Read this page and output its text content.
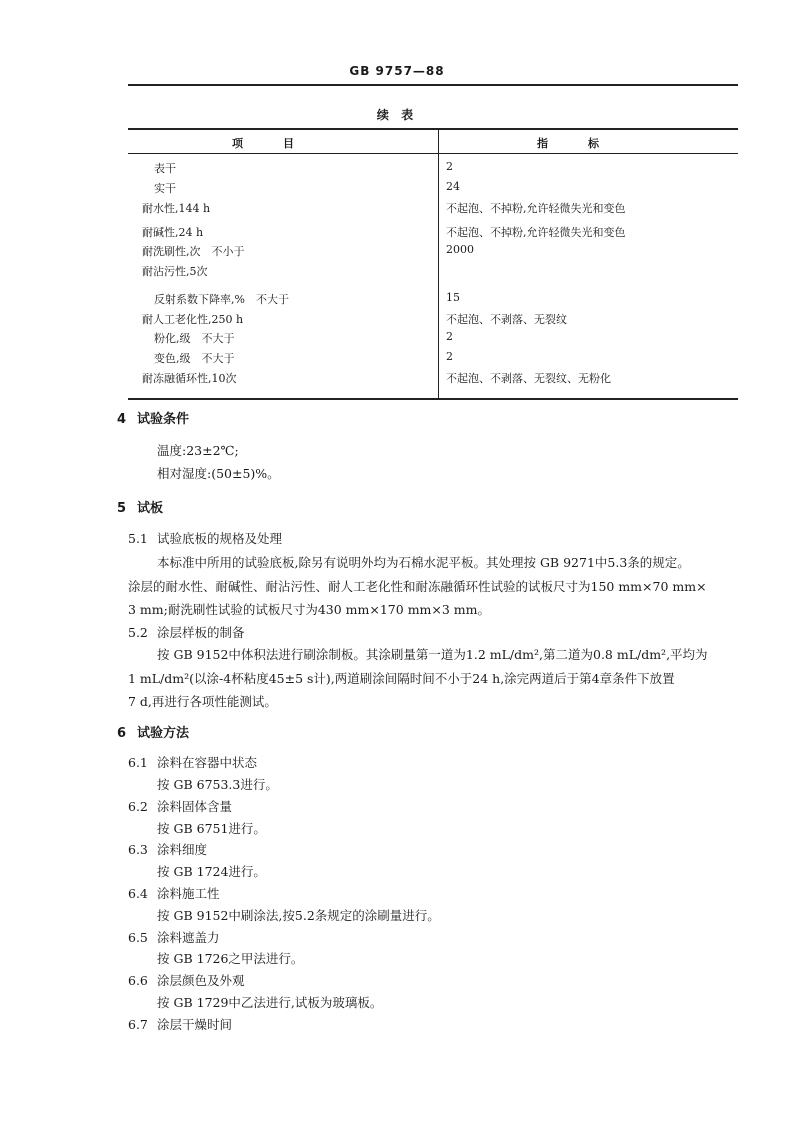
GB 9757—88
续 表
项目	指标
表干	2
实干	24
耐水性,144 h	不起泡、不掉粉,允许轻微失光和变色
耐碱性,24 h	不起泡、不掉粉,允许轻微失光和变色
耐洗刷性,次　不小于	2000
耐沾污性,5次
反射系数下降率,%　不大于	15
耐人工老化性,250 h	不起泡、不剥落、无裂纹
粉化,级　不大于	2
变色,级　不大于	2
耐冻融循环性,10次	不起泡、不剥落、无裂纹、无粉化
4 试验条件
温度:23±2℃;
相对湿度:(50±5)%。
5 试板
5.1 试验底板的规格及处理
本标准中所用的试验底板,除另有说明外均为石棉水泥平板。其处理按 GB 9271中5.3条的规定。
涂层的耐水性、耐碱性、耐沾污性、耐人工老化性和耐冻融循环性试验的试板尺寸为150 mm×70 mm×
3 mm;耐洗刷性试验的试板尺寸为430 mm×170 mm×3 mm。
5.2 涂层样板的制备
按 GB 9152中体积法进行刷涂制板。其涂刷量第一道为1.2 mL/dm²,第二道为0.8 mL/dm²,平均为
1 mL/dm²(以涂-4杯粘度45±5 s计),两道刷涂间隔时间不小于24 h,涂完两道后于第4章条件下放置
7 d,再进行各项性能测试。
6 试验方法
6.1 涂料在容器中状态
按 GB 6753.3进行。
6.2 涂料固体含量
按 GB 6751进行。
6.3 涂料细度
按 GB 1724进行。
6.4 涂料施工性
按 GB 9152中刷涂法,按5.2条规定的涂刷量进行。
6.5 涂料遮盖力
按 GB 1726之甲法进行。
6.6 涂层颜色及外观
按 GB 1729中乙法进行,试板为玻璃板。
6.7 涂层干燥时间
